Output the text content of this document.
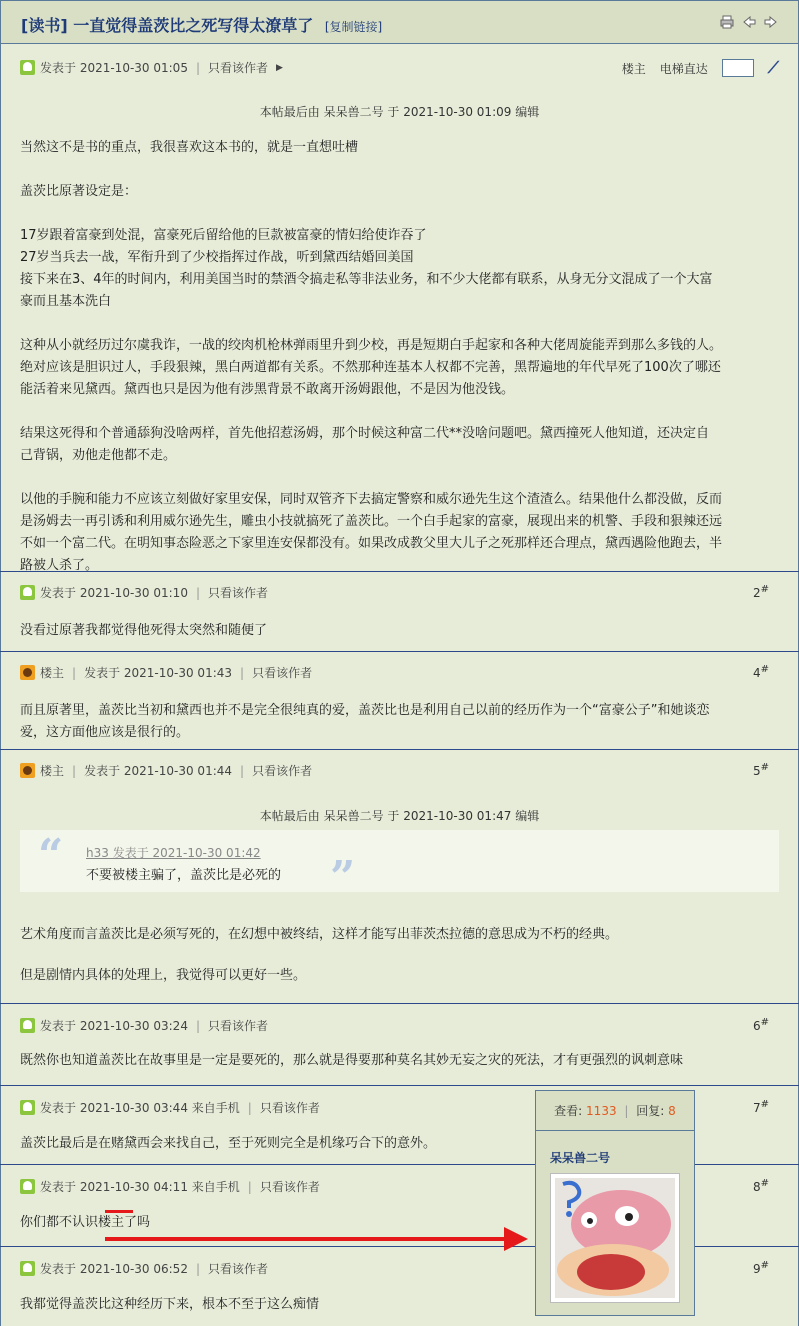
[读书] 一直觉得盖茨比之死写得太潦草了 [复制链接]
发表于 2021-10-30 01:05 | 只看该作者 ▶
本帖最后由 呆呆兽二号 于 2021-10-30 01:09 编辑

当然这不是书的重点，我很喜欢这本书的，就是一直想吐槽

盖茨比原著设定是：

17岁跟着富豪到处混，富豪死后留给他的巨款被富豪的情妇给使诈吞了

27岁当兵去一战，军衔升到了少校指挥过作战，听到黛西结婚回美国

接下来在3、4年的时间内，利用美国当时的禁酒令搞走私等非法业务，和不少大佬都有联系，从身无分文混成了一个大富

豪而且基本洗白

这种从小就经历过尔虞我诈，一战的绞肉机枪林弹雨里升到少校，再是短期白手起家和各种大佬周旋能弄到那么多钱的人。

绝对应该是胆识过人，手段狠辣，黑白两道都有关系。不然那种连基本人权都不完善，黑帮遍地的年代早死了100次了哪还

能活着来见黛西。黛西也只是因为他有涉黑背景不敢离开汤姆跟他，不是因为他没钱。

结果这死得和个普通舔狗没啥两样，首先他招惹汤姆，那个时候这种富二代**没啥问题吧。黛西撞死人他知道，还决定自

己背锅，劝他走他都不走。

以他的手腕和能力不应该立刻做好家里安保，同时双管齐下去搞定警察和威尔逊先生这个渣渣么。结果他什么都没做，反而

是汤姆去一再引诱和利用威尔逊先生，雕虫小技就搞死了盖茨比。一个白手起家的富豪，展现出来的机警、手段和狠辣还远

不如一个富二代。在明知事态险恶之下家里连安保都没有。如果改成教父里大儿子之死那样还合理点，黛西遇险他跑去，半

路被人杀了。

楼主 电梯直达	⟋
发表于 2021-10-30 01:10 | 只看该作者	2#
没看过原著我都觉得他死得太突然和随便了
楼主 | 发表于 2021-10-30 01:43 | 只看该作者	4#

而且原著里，盖茨比当初和黛西也并不是完全很纯真的爱，盖茨比也是利用自己以前的经历作为一个“富豪公子”和她谈恋

爱，这方面他应该是很行的。

楼主 | 发表于 2021-10-30 01:44 | 只看该作者	5#
本帖最后由 呆呆兽二号 于 2021-10-30 01:47 编辑

艺术角度而言盖茨比是必须写死的，在幻想中被终结，这样才能写出菲茨杰拉德的意思成为不朽的经典。

但是剧情内具体的处理上，我觉得可以更好一些。

“ h33 发表于 2021-10-30 01:42
不要被楼主骗了，盖茨比是必死的 ”
发表于 2021-10-30 03:24 | 只看该作者	6#
既然你也知道盖茨比在故事里是一定是要死的，那么就是得要那种莫名其妙无妄之灾的死法，才有更强烈的讽刺意味
发表于 2021-10-30 03:44 来自手机 | 只看该作者	7#
盖茨比最后是在赌黛西会来找自己，至于死则完全是机缘巧合下的意外。
发表于 2021-10-30 04:11 来自手机 | 只看该作者	8#
你们都不认识楼主了吗
发表于 2021-10-30 06:52 | 只看该作者	9#
我都觉得盖茨比这种经历下来，根本不至于这么痴情
查看: 1133 | 回复: 8
呆呆兽二号
